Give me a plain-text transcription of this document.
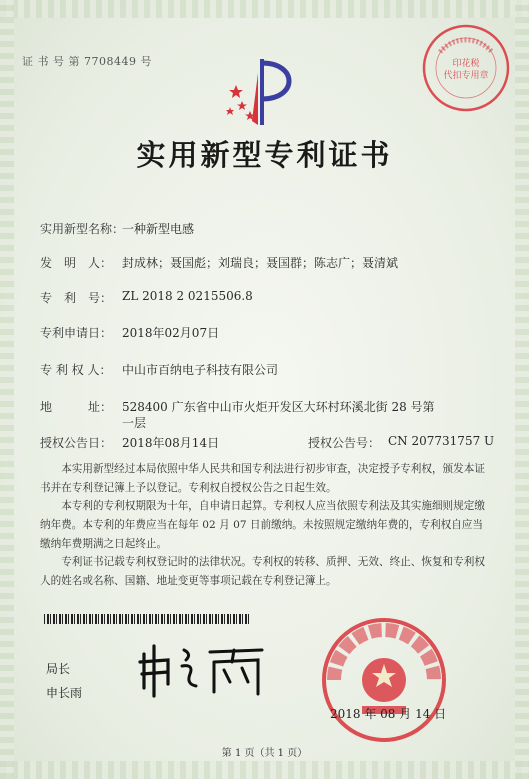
证 书 号 第 7708449 号	印花税
代扣专用章
实用新型专利证书
实用新型名称：
一种新型电感
发　明　人： 封成林；聂国彪；刘瑞良；聂国群；陈志广；聂清斌
专　利　号： ZL 2018 2 0215506.8
专利申请日： 2018年02月07日
专 利 权 人： 中山市百纳电子科技有限公司
地　　　址： 528400 广东省中山市火炬开发区大环村环溪北街 28 号第
一层
授权公告日： 2018年08月14日	授权公告号： CN 207731757 U
本实用新型经过本局依照中华人民共和国专利法进行初步审查，决定授予专利权，颁发本证书并在专利登记簿上予以登记。专利权自授权公告之日起生效。
本专利的专利权期限为十年，自申请日起算。专利权人应当依照专利法及其实施细则规定缴纳年费。本专利的年费应当在每年 02 月 07 日前缴纳。未按照规定缴纳年费的，专利权自应当缴纳年费期满之日起终止。
专利证书记载专利权登记时的法律状况。专利权的转移、质押、无效、终止、恢复和专利权人的姓名或名称、国籍、地址变更等事项记载在专利登记簿上。
局长
申长雨
2018 年 08 月 14 日
第 1 页（共 1 页）
